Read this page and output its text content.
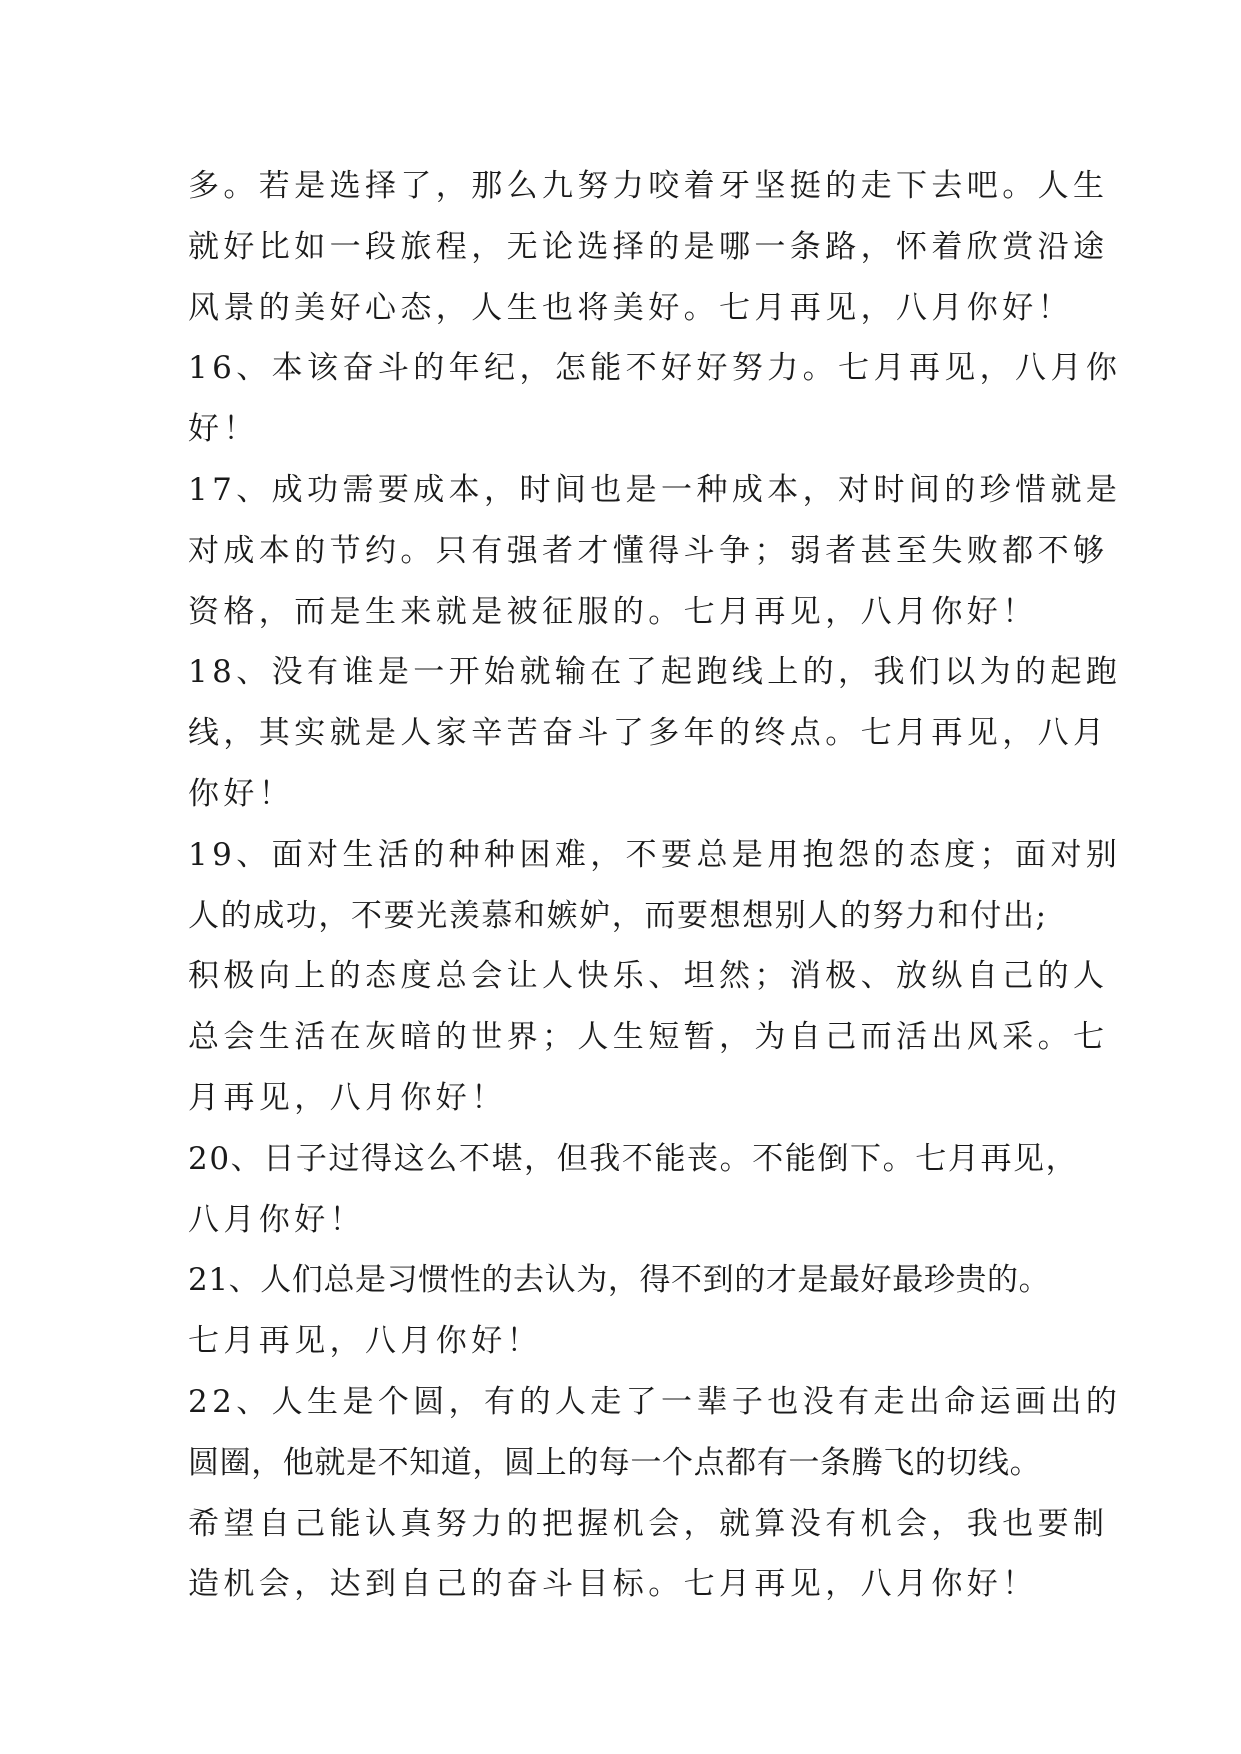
多。若是选择了，那么九努力咬着牙坚挺的走下去吧。人生
就好比如一段旅程，无论选择的是哪一条路，怀着欣赏沿途
风景的美好心态，人生也将美好。七月再见，八月你好！
16、本该奋斗的年纪，怎能不好好努力。七月再见，八月你
好！
17、成功需要成本，时间也是一种成本，对时间的珍惜就是
对成本的节约。只有强者才懂得斗争；弱者甚至失败都不够
资格，而是生来就是被征服的。七月再见，八月你好！
18、没有谁是一开始就输在了起跑线上的，我们以为的起跑
线，其实就是人家辛苦奋斗了多年的终点。七月再见，八月
你好！
19、面对生活的种种困难，不要总是用抱怨的态度；面对别
人的成功，不要光羡慕和嫉妒，而要想想别人的努力和付出;
积极向上的态度总会让人快乐、坦然；消极、放纵自己的人
总会生活在灰暗的世界；人生短暂，为自己而活出风采。七
月再见，八月你好！
20、日子过得这么不堪，但我不能丧。不能倒下。七月再见，
八月你好！
21、人们总是习惯性的去认为，得不到的才是最好最珍贵的。
七月再见，八月你好！
22、人生是个圆，有的人走了一辈子也没有走出命运画出的
圆圈，他就是不知道，圆上的每一个点都有一条腾飞的切线。
希望自己能认真努力的把握机会，就算没有机会，我也要制
造机会，达到自己的奋斗目标。七月再见，八月你好！
